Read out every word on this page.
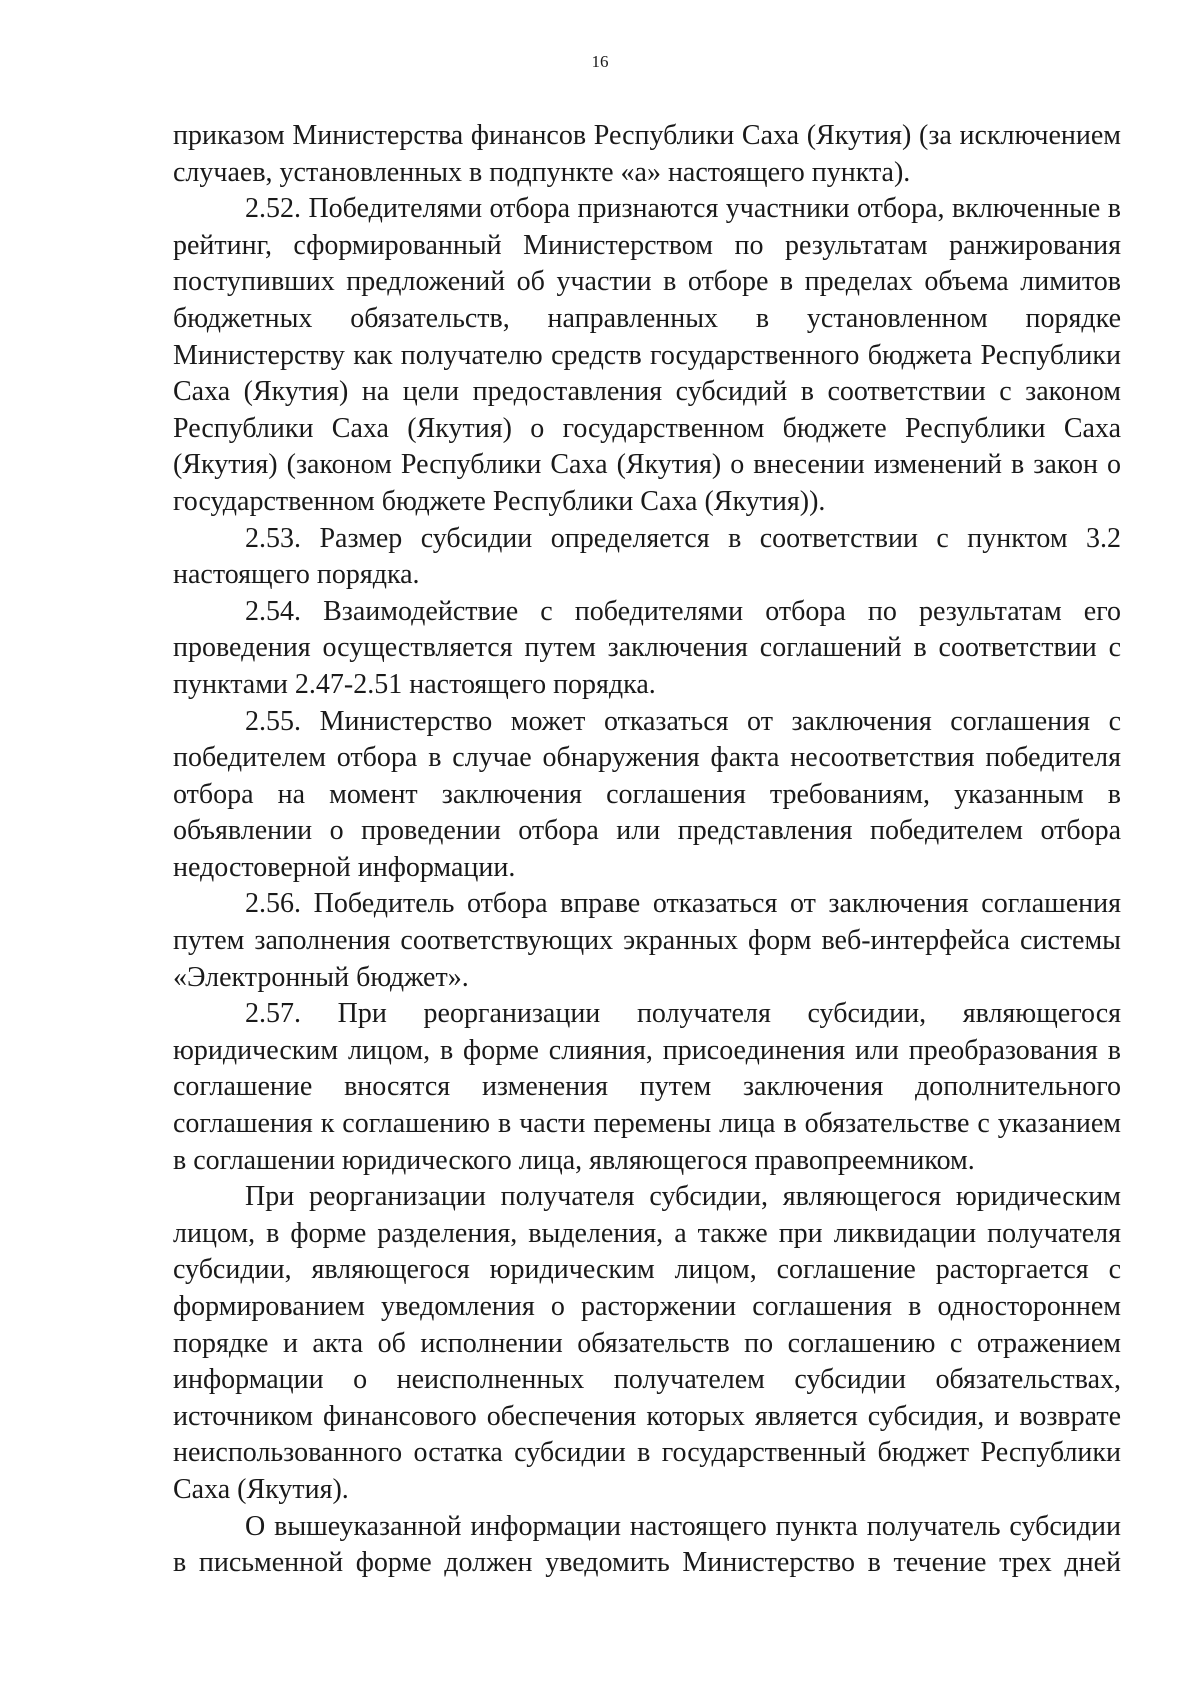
16

приказом Министерства финансов Республики Саха (Якутия) (за исключением случаев, установленных в подпункте «а» настоящего пункта).

2.52. Победителями отбора признаются участники отбора, включенные в рейтинг, сформированный Министерством по результатам ранжирования поступивших предложений об участии в отборе в пределах объема лимитов бюджетных обязательств, направленных в установленном порядке Министерству как получателю средств государственного бюджета Республики Саха (Якутия) на цели предоставления субсидий в соответствии с законом Республики Саха (Якутия) о государственном бюджете Республики Саха (Якутия) (законом Республики Саха (Якутия) о внесении изменений в закон о государственном бюджете Республики Саха (Якутия)).

2.53. Размер субсидии определяется в соответствии с пунктом 3.2 настоящего порядка.

2.54. Взаимодействие с победителями отбора по результатам его проведения осуществляется путем заключения соглашений в соответствии с пунктами 2.47-2.51 настоящего порядка.

2.55. Министерство может отказаться от заключения соглашения с победителем отбора в случае обнаружения факта несоответствия победителя отбора на момент заключения соглашения требованиям, указанным в объявлении о проведении отбора или представления победителем отбора недостоверной информации.

2.56. Победитель отбора вправе отказаться от заключения соглашения путем заполнения соответствующих экранных форм веб-интерфейса системы «Электронный бюджет».

2.57. При реорганизации получателя субсидии, являющегося юридическим лицом, в форме слияния, присоединения или преобразования в соглашение вносятся изменения путем заключения дополнительного соглашения к соглашению в части перемены лица в обязательстве с указанием в соглашении юридического лица, являющегося правопреемником.

При реорганизации получателя субсидии, являющегося юридическим лицом, в форме разделения, выделения, а также при ликвидации получателя субсидии, являющегося юридическим лицом, соглашение расторгается с формированием уведомления о расторжении соглашения в одностороннем порядке и акта об исполнении обязательств по соглашению с отражением информации о неисполненных получателем субсидии обязательствах, источником финансового обеспечения которых является субсидия, и возврате неиспользованного остатка субсидии в государственный бюджет Республики Саха (Якутия).

О вышеуказанной информации настоящего пункта получатель субсидии в письменной форме должен уведомить Министерство в течение трех дней
